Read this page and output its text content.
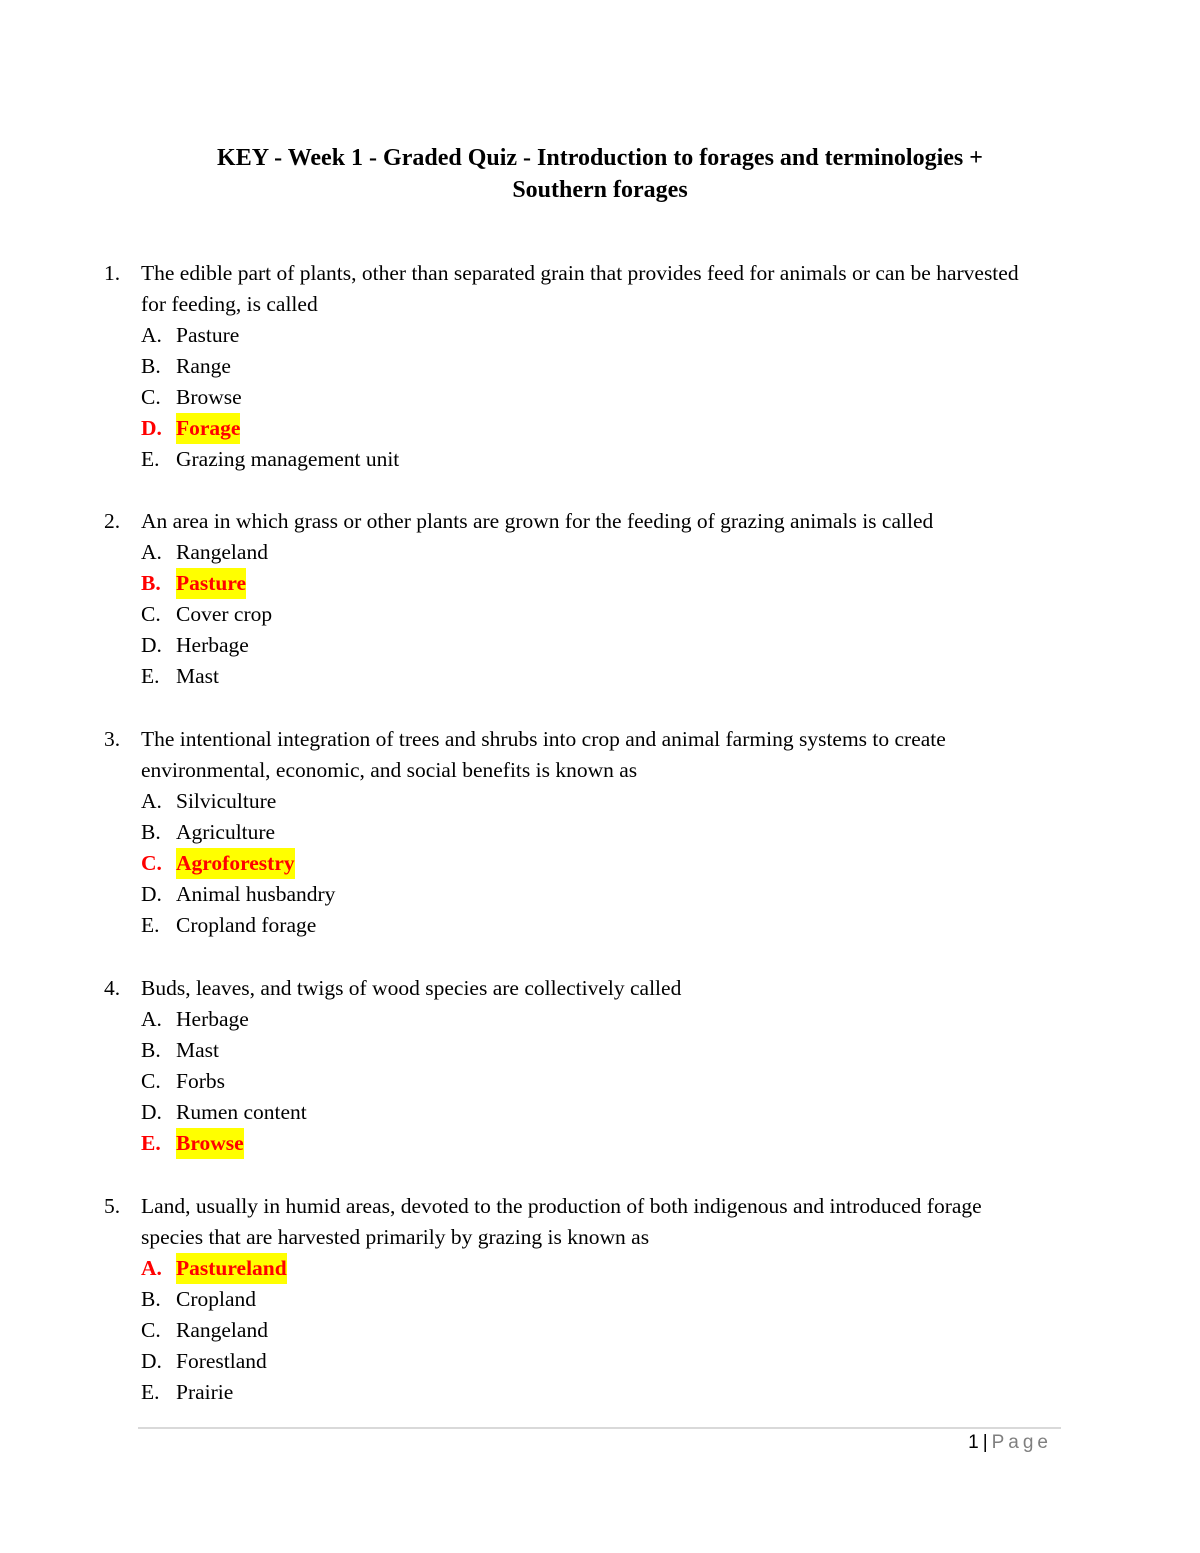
KEY - Week 1 - Graded Quiz - Introduction to forages and terminologies +
Southern forages
1. The edible part of plants, other than separated grain that provides feed for animals or can be harvested for feeding, is called
A. Pasture
B. Range
C. Browse
D. Forage
E. Grazing management unit
2. An area in which grass or other plants are grown for the feeding of grazing animals is called
A. Rangeland
B. Pasture
C. Cover crop
D. Herbage
E. Mast
3. The intentional integration of trees and shrubs into crop and animal farming systems to create environmental, economic, and social benefits is known as
A. Silviculture
B. Agriculture
C. Agroforestry
D. Animal husbandry
E. Cropland forage
4. Buds, leaves, and twigs of wood species are collectively called
A. Herbage
B. Mast
C. Forbs
D. Rumen content
E. Browse
5. Land, usually in humid areas, devoted to the production of both indigenous and introduced forage species that are harvested primarily by grazing is known as
A. Pastureland
B. Cropland
C. Rangeland
D. Forestland
E. Prairie
1 | Page
